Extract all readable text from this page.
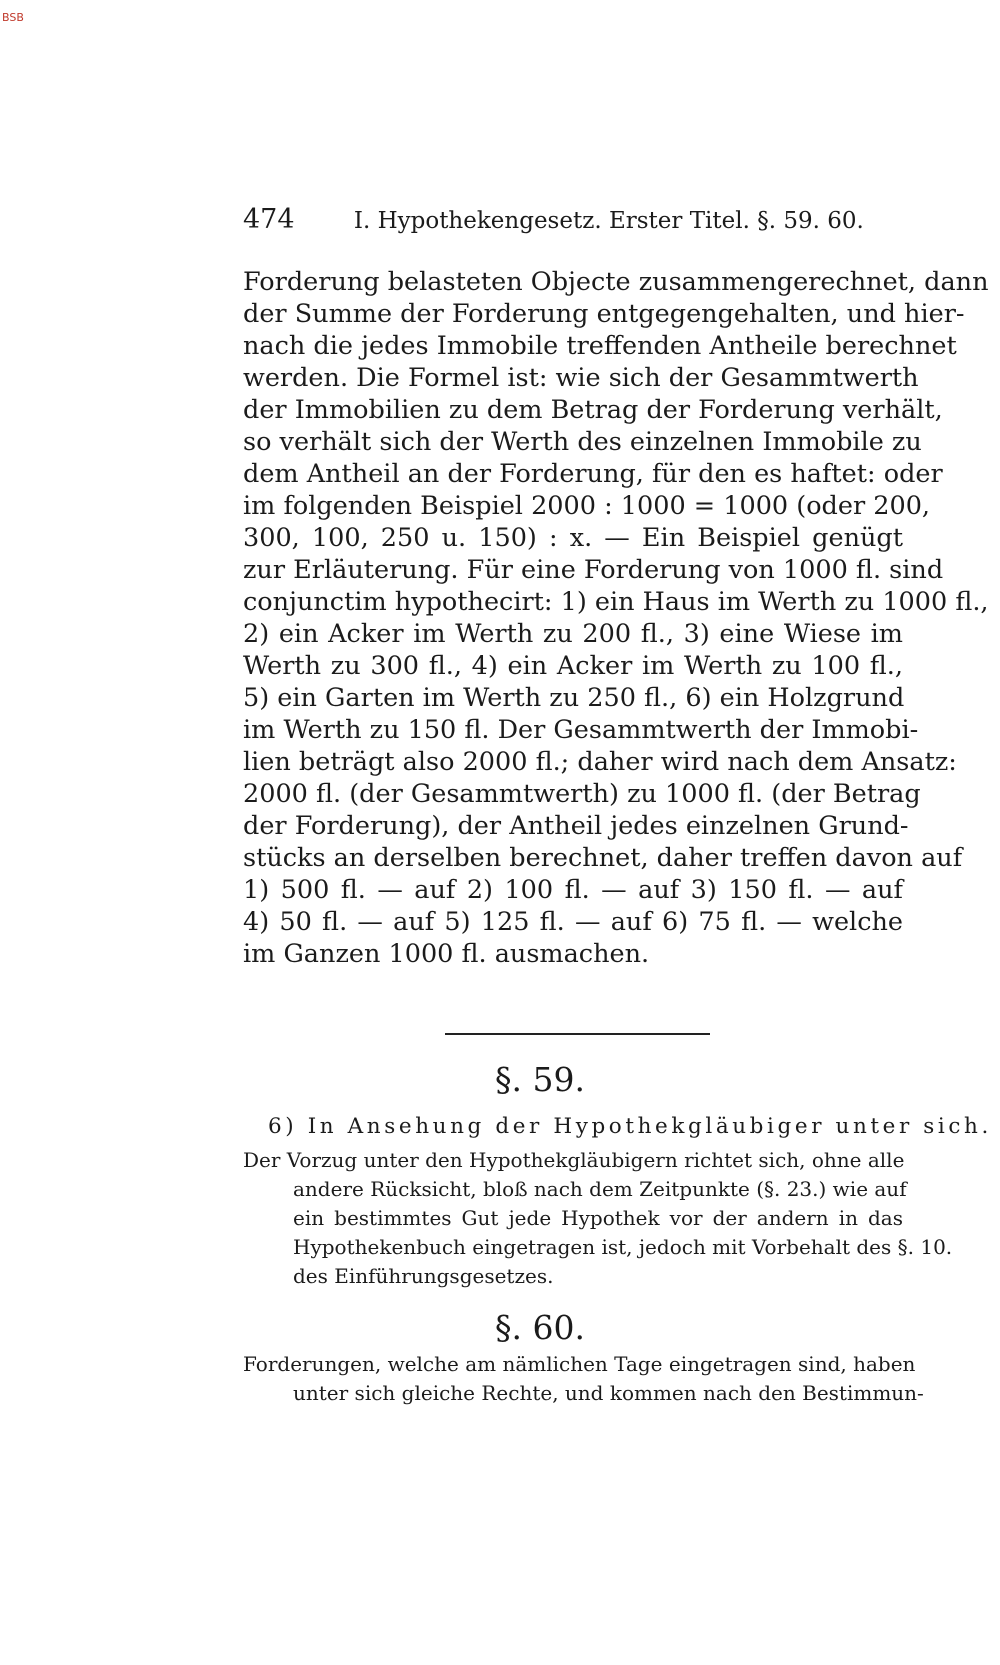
BSB
474	I. Hypothekengesetz. Erster Titel. §. 59. 60.
Forderung belasteten Objecte zusammengerechnet, dann
der Summe der Forderung entgegengehalten, und hier-
nach die jedes Immobile treffenden Antheile berechnet
werden. Die Formel ist: wie sich der Gesammtwerth
der Immobilien zu dem Betrag der Forderung verhält,
so verhält sich der Werth des einzelnen Immobile zu
dem Antheil an der Forderung, für den es haftet: oder
im folgenden Beispiel 2000 : 1000 = 1000 (oder 200,
300, 100, 250 u. 150) : x. — Ein Beispiel genügt
zur Erläuterung. Für eine Forderung von 1000 fl. sind
conjunctim hypothecirt: 1) ein Haus im Werth zu 1000 fl.,
2) ein Acker im Werth zu 200 fl., 3) eine Wiese im
Werth zu 300 fl., 4) ein Acker im Werth zu 100 fl.,
5) ein Garten im Werth zu 250 fl., 6) ein Holzgrund
im Werth zu 150 fl. Der Gesammtwerth der Immobi-
lien beträgt also 2000 fl.; daher wird nach dem Ansatz:
2000 fl. (der Gesammtwerth) zu 1000 fl. (der Betrag
der Forderung), der Antheil jedes einzelnen Grund-
stücks an derselben berechnet, daher treffen davon auf
1) 500 fl. — auf 2) 100 fl. — auf 3) 150 fl. — auf
4) 50 fl. — auf 5) 125 fl. — auf 6) 75 fl. — welche
im Ganzen 1000 fl. ausmachen.
§. 59.
6) In Ansehung der Hypothekgläubiger unter sich.
Der Vorzug unter den Hypothekgläubigern richtet sich, ohne alle
andere Rücksicht, bloß nach dem Zeitpunkte (§. 23.) wie auf
ein bestimmtes Gut jede Hypothek vor der andern in das
Hypothekenbuch eingetragen ist, jedoch mit Vorbehalt des §. 10.
des Einführungsgesetzes.
§. 60.
Forderungen, welche am nämlichen Tage eingetragen sind, haben
unter sich gleiche Rechte, und kommen nach den Bestimmun-
